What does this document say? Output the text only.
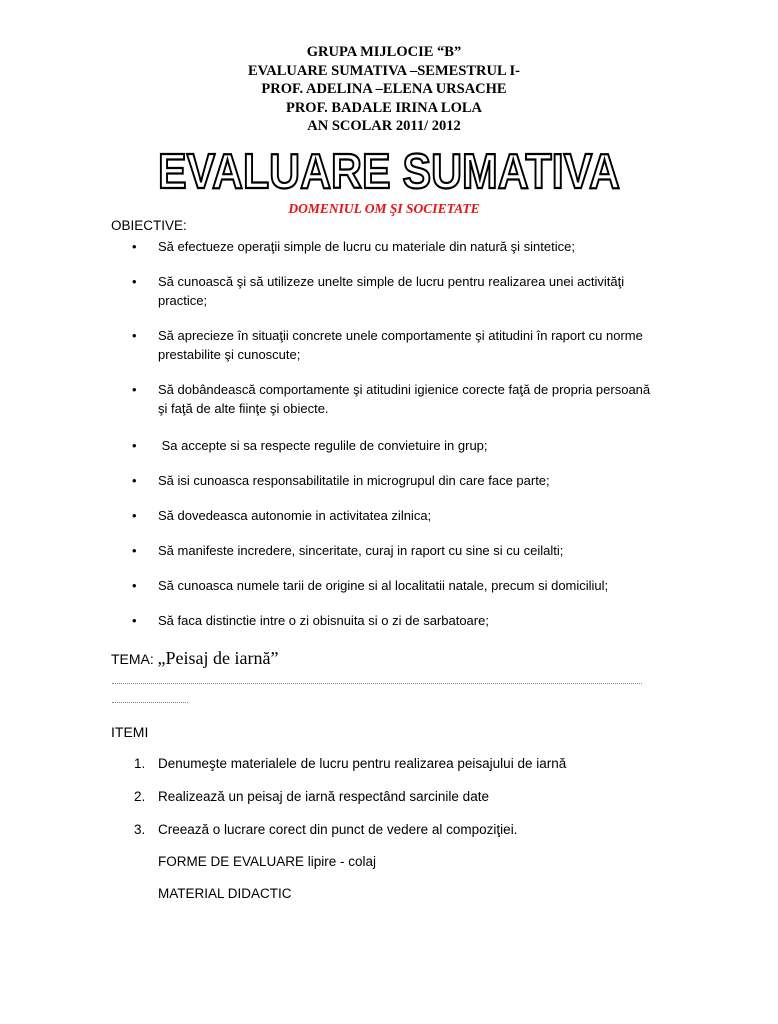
GRUPA MIJLOCIE “B”
EVALUARE SUMATIVA –SEMESTRUL I-
PROF. ADELINA –ELENA URSACHE
PROF. BADALE IRINA LOLA
AN SCOLAR 2011/ 2012
EVALUARE SUMATIVA
DOMENIUL OM ŞI SOCIETATE
OBIECTIVE:
• Să efectueze operaţii simple de lucru cu materiale din natură şi sintetice;
• Să cunoască şi să utilizeze unelte simple de lucru pentru realizarea unei activităţi practice;
• Să aprecieze în situaţii concrete unele comportamente şi atitudini în raport cu norme prestabilite şi cunoscute;
• Să dobândească comportamente şi atitudini igienice corecte faţă de propria persoană şi faţă de alte fiinţe şi obiecte.
• Sa accepte si sa respecte regulile de convietuire in grup;
• Să isi cunoasca responsabilitatile in microgrupul din care face parte;
• Să dovedeasca autonomie in activitatea zilnica;
• Să manifeste incredere, sinceritate, curaj in raport cu sine si cu ceilalti;
• Să cunoasca numele tarii de origine si al localitatii natale, precum si domiciliul;
• Să faca distinctie intre o zi obisnuita si o zi de sarbatoare;
TEMA: „Peisaj de iarnă”
ITEMI
1. Denumeşte materialele de lucru pentru realizarea peisajului de iarnă
2. Realizează un peisaj de iarnă respectând sarcinile date
3. Creează o lucrare corect din punct de vedere al compoziţiei.
FORME DE EVALUARE lipire - colaj
MATERIAL DIDACTIC
